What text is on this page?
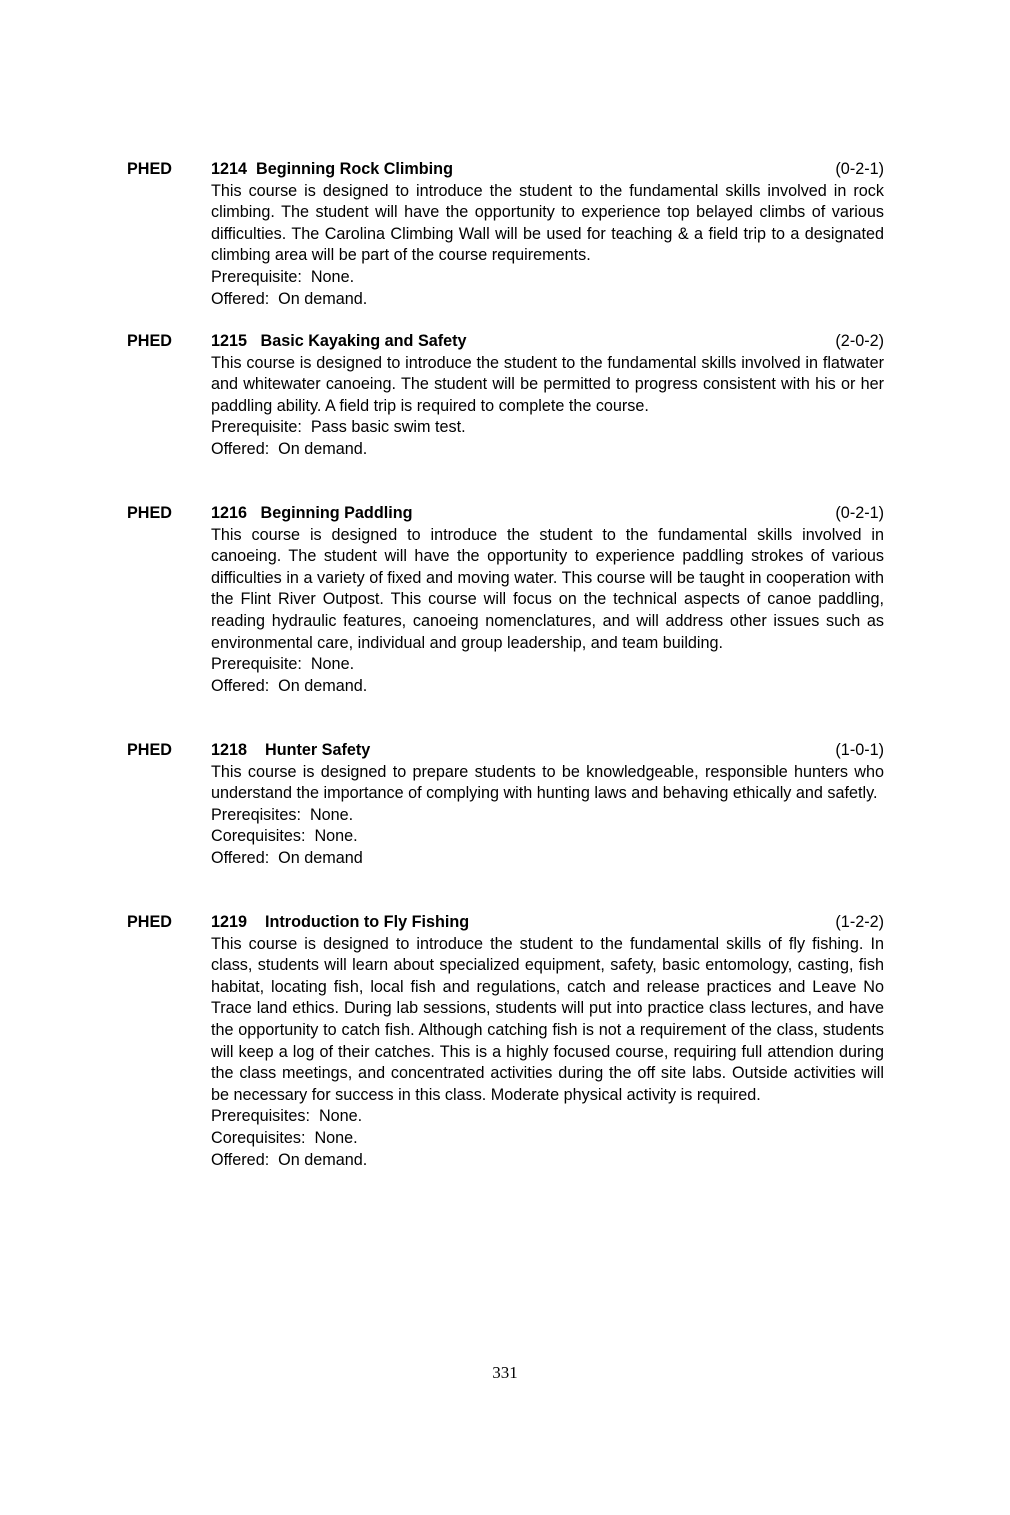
PHED 1214  Beginning Rock Climbing	(0-2-1)

This course is designed to introduce the student to the fundamental skills involved in rock climbing. The student will have the opportunity to experience top belayed climbs of various difficulties. The Carolina Climbing Wall will be used for teaching & a field trip to a designated climbing area will be part of the course requirements.

Prerequisite:  None.

Offered:  On demand.

PHED 1215   Basic Kayaking and Safety	(2-0-2)

This course is designed to introduce the student to the fundamental skills involved in flatwater and whitewater canoeing. The student will be permitted to progress consistent with his or her paddling ability. A field trip is required to complete the course.

Prerequisite:  Pass basic swim test.

Offered:  On demand.

PHED 1216   Beginning Paddling	(0-2-1)

This course is designed to introduce the student to the fundamental skills involved in canoeing. The student will have the opportunity to experience paddling strokes of various difficulties in a variety of fixed and moving water. This course will be taught in cooperation with the Flint River Outpost. This course will focus on the technical aspects of canoe paddling, reading hydraulic features, canoeing nomenclatures, and will address other issues such as environmental care, individual and group leadership, and team building.

Prerequisite:  None.

Offered:  On demand.

PHED 1218    Hunter Safety	(1-0-1)

This course is designed to prepare students to be knowledgeable, responsible hunters who understand the importance of complying with hunting laws and behaving ethically and safetly.

Prereqisites:  None.

Corequisites:  None.

Offered:  On demand

PHED 1219    Introduction to Fly Fishing	(1-2-2)

This course is designed to introduce the student to the fundamental skills of fly fishing. In class, students will learn about specialized equipment, safety, basic entomology, casting, fish habitat, locating fish, local fish and regulations, catch and release practices and Leave No Trace land ethics. During lab sessions, students will put into practice class lectures, and have the opportunity to catch fish. Although catching fish is not a requirement of the class, students will keep a log of their catches. This is a highly focused course, requiring full attendion during the class meetings, and concentrated activities during the off site labs. Outside activities will be necessary for success in this class. Moderate physical activity is required.

Prerequisites:  None.

Corequisites:  None.

Offered:  On demand.

331
